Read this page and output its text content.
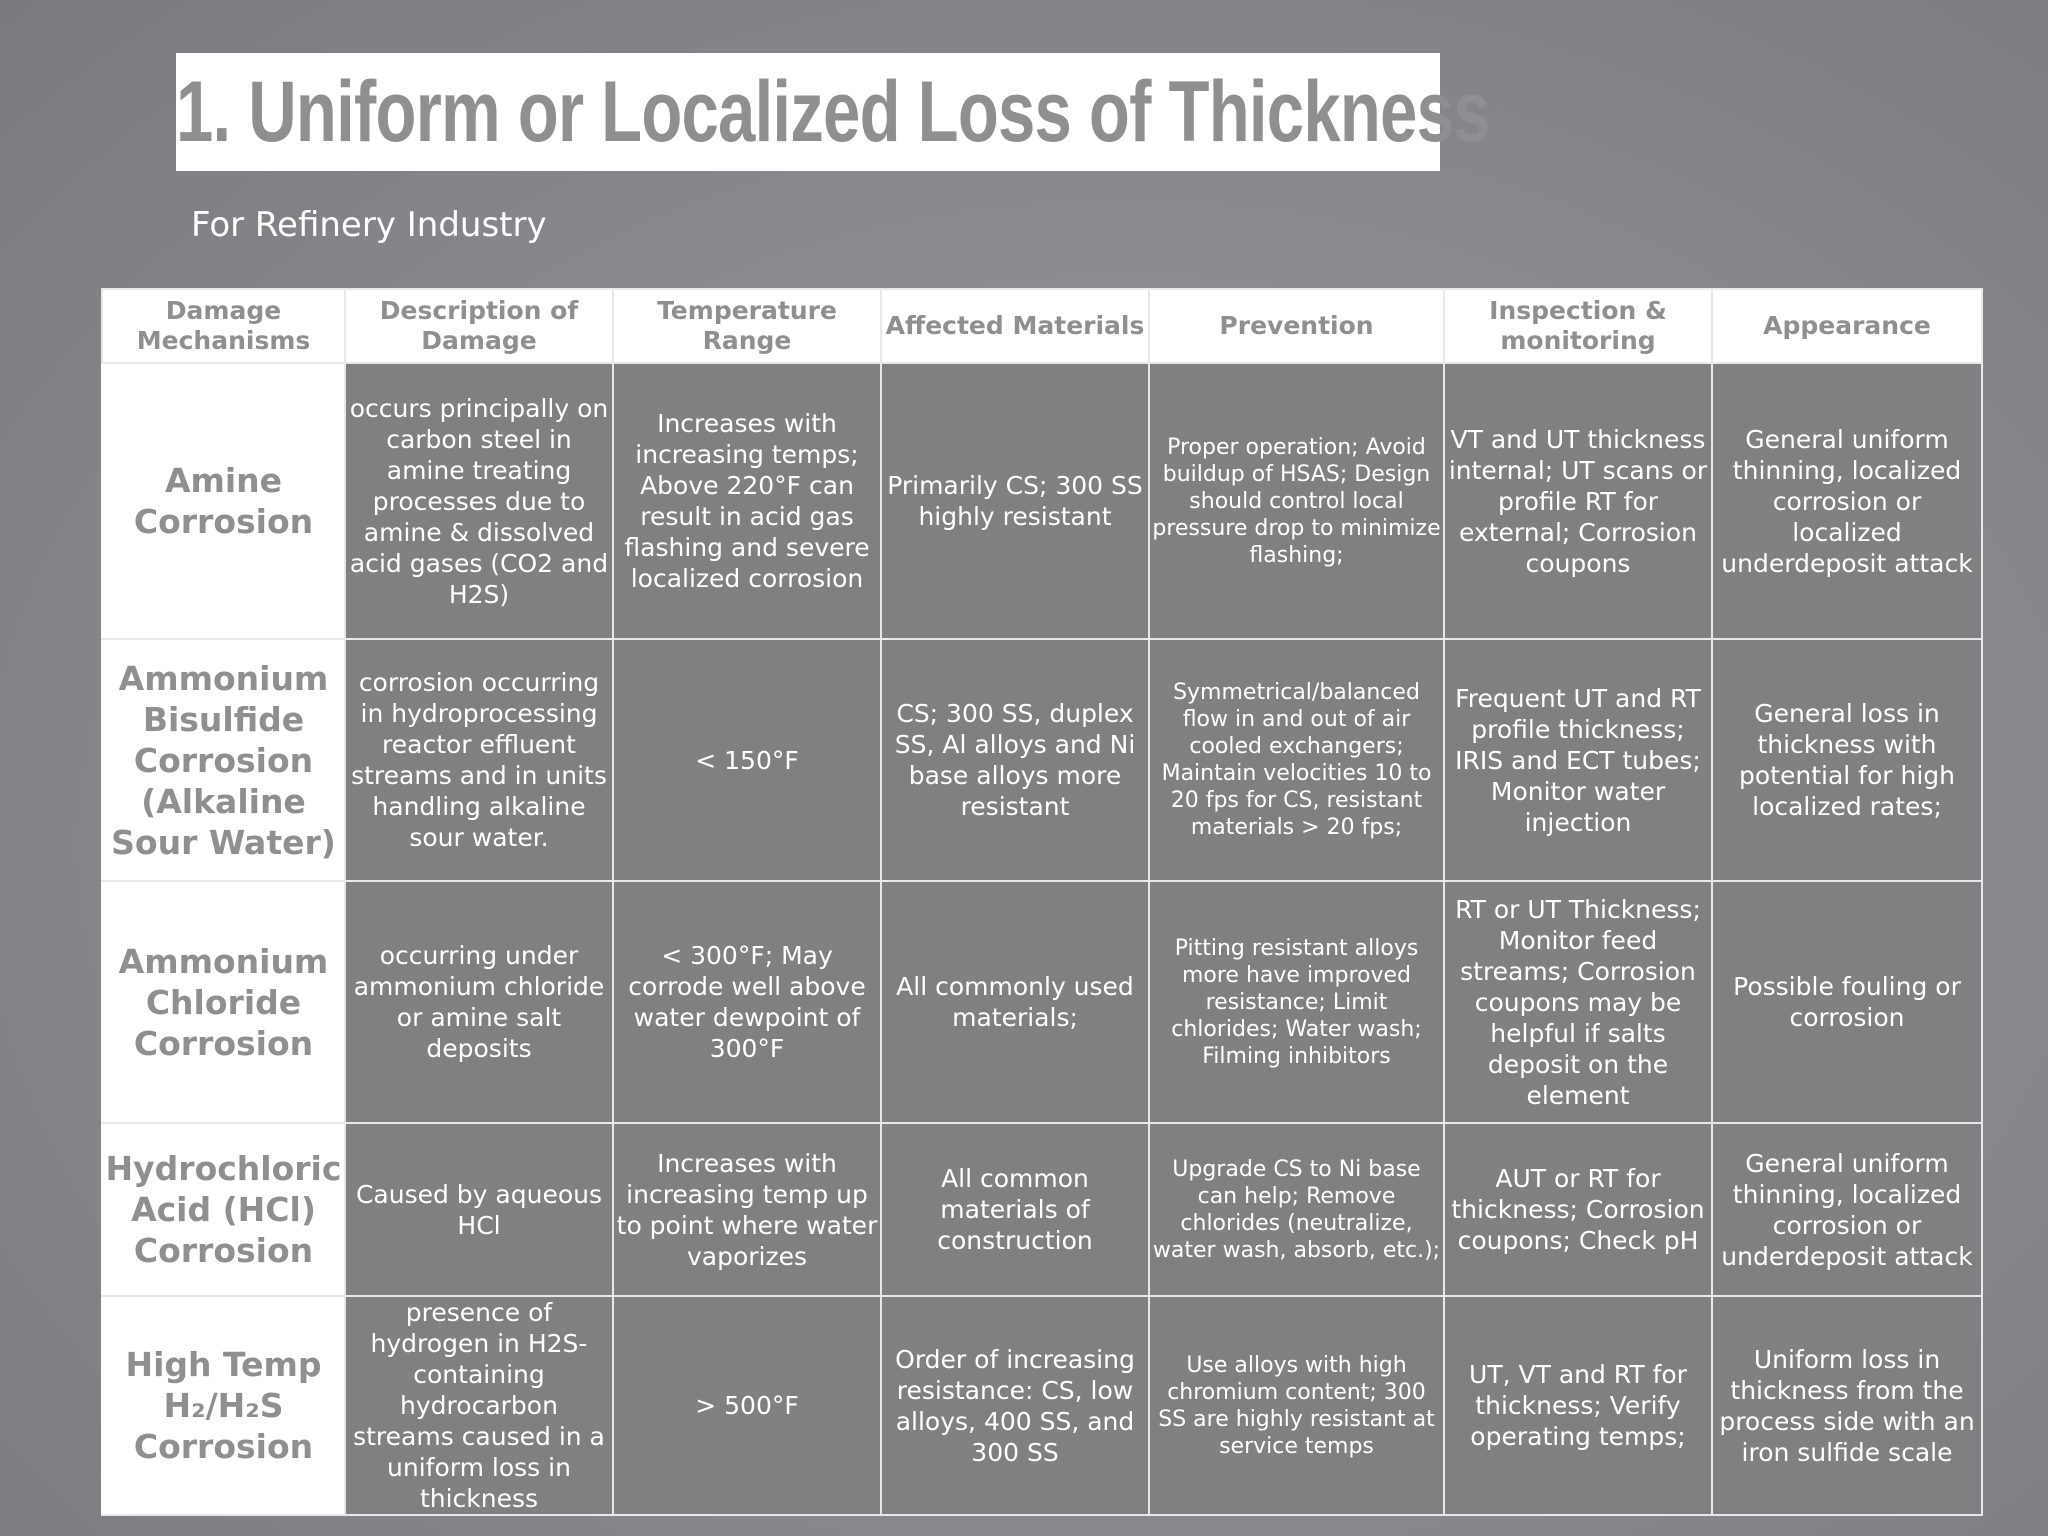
1. Uniform or Localized Loss of Thickness
For Refinery Industry
Damage Mechanisms	Description of Damage	Temperature Range	Affected Materials	Prevention	Inspection & monitoring	Appearance
Amine Corrosion	occurs principally on carbon steel in amine treating processes due to amine & dissolved acid gases (CO2 and H2S)	Increases with increasing temps; Above 220°F can result in acid gas flashing and severe localized corrosion	Primarily CS; 300 SS highly resistant	Proper operation; Avoid buildup of HSAS; Design should control local pressure drop to minimize flashing;	VT and UT thickness internal; UT scans or profile RT for external; Corrosion coupons	General uniform thinning, localized corrosion or localized underdeposit attack
Ammonium Bisulfide Corrosion (Alkaline Sour Water)	corrosion occurring in hydroprocessing reactor effluent streams and in units handling alkaline sour water.	< 150°F	CS; 300 SS, duplex SS, Al alloys and Ni base alloys more resistant	Symmetrical/balanced flow in and out of air cooled exchangers; Maintain velocities 10 to 20 fps for CS, resistant materials > 20 fps;	Frequent UT and RT profile thickness; IRIS and ECT tubes; Monitor water injection	General loss in thickness with potential for high localized rates;
Ammonium Chloride Corrosion	occurring under ammonium chloride or amine salt deposits	< 300°F; May corrode well above water dewpoint of 300°F	All commonly used materials;	Pitting resistant alloys more have improved resistance; Limit chlorides; Water wash; Filming inhibitors	RT or UT Thickness; Monitor feed streams; Corrosion coupons may be helpful if salts deposit on the element	Possible fouling or corrosion
Hydrochloric Acid (HCl) Corrosion	Caused by aqueous HCl	Increases with increasing temp up to point where water vaporizes	All common materials of construction	Upgrade CS to Ni base can help; Remove chlorides (neutralize, water wash, absorb, etc.);	AUT or RT for thickness; Corrosion coupons; Check pH	General uniform thinning, localized corrosion or underdeposit attack
High Temp H₂/H₂S Corrosion	presence of hydrogen in H2S-containing hydrocarbon streams caused in a uniform loss in thickness	> 500°F	Order of increasing resistance: CS, low alloys, 400 SS, and 300 SS	Use alloys with high chromium content; 300 SS are highly resistant at service temps	UT, VT and RT for thickness; Verify operating temps;	Uniform loss in thickness from the process side with an iron sulfide scale
